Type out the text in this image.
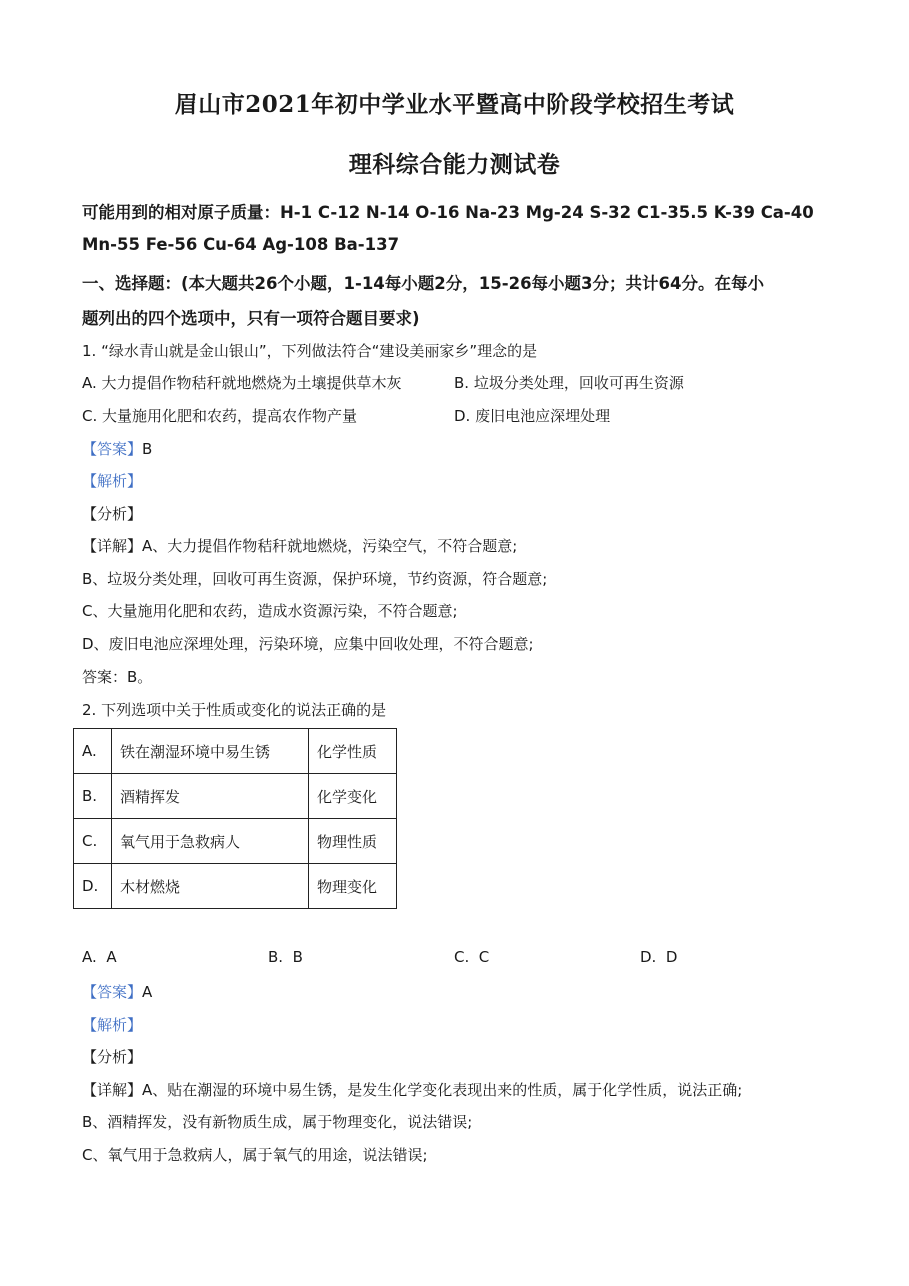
眉山市2021年初中学业水平暨高中阶段学校招生考试
理科综合能力测试卷
可能用到的相对原子质量：H-1 C-12 N-14 O-16 Na-23 Mg-24 S-32 C1-35.5 K-39 Ca-40
Mn-55 Fe-56 Cu-64 Ag-108 Ba-137
一、选择题：(本大题共26个小题，1-14每小题2分，15-26每小题3分；共计64分。在每小
题列出的四个选项中，只有一项符合题目要求)
1. “绿水青山就是金山银山”，下列做法符合“建设美丽家乡”理念的是
A. 大力提倡作物秸秆就地燃烧为土壤提供草木灰	B. 垃圾分类处理，回收可再生资源
C. 大量施用化肥和农药，提高农作物产量	D. 废旧电池应深埋处理
【答案】B
【解析】
【分析】
【详解】A、大力提倡作物秸秆就地燃烧，污染空气，不符合题意;
B、垃圾分类处理，回收可再生资源，保护环境，节约资源，符合题意;
C、大量施用化肥和农药，造成水资源污染，不符合题意;
D、废旧电池应深埋处理，污染环境，应集中回收处理，不符合题意;
答案：B。
2. 下列选项中关于性质或变化的说法正确的是
A.	铁在潮湿环境中易生锈	化学性质
B.	酒精挥发	化学变化
C.	氧气用于急救病人	物理性质
D.	木材燃烧	物理变化
A. A	B. B	C. C	D. D
【答案】A
【解析】
【分析】
【详解】A、贴在潮湿的环境中易生锈，是发生化学变化表现出来的性质，属于化学性质，说法正确;
B、酒精挥发，没有新物质生成，属于物理变化，说法错误;
C、氧气用于急救病人，属于氧气的用途，说法错误;
